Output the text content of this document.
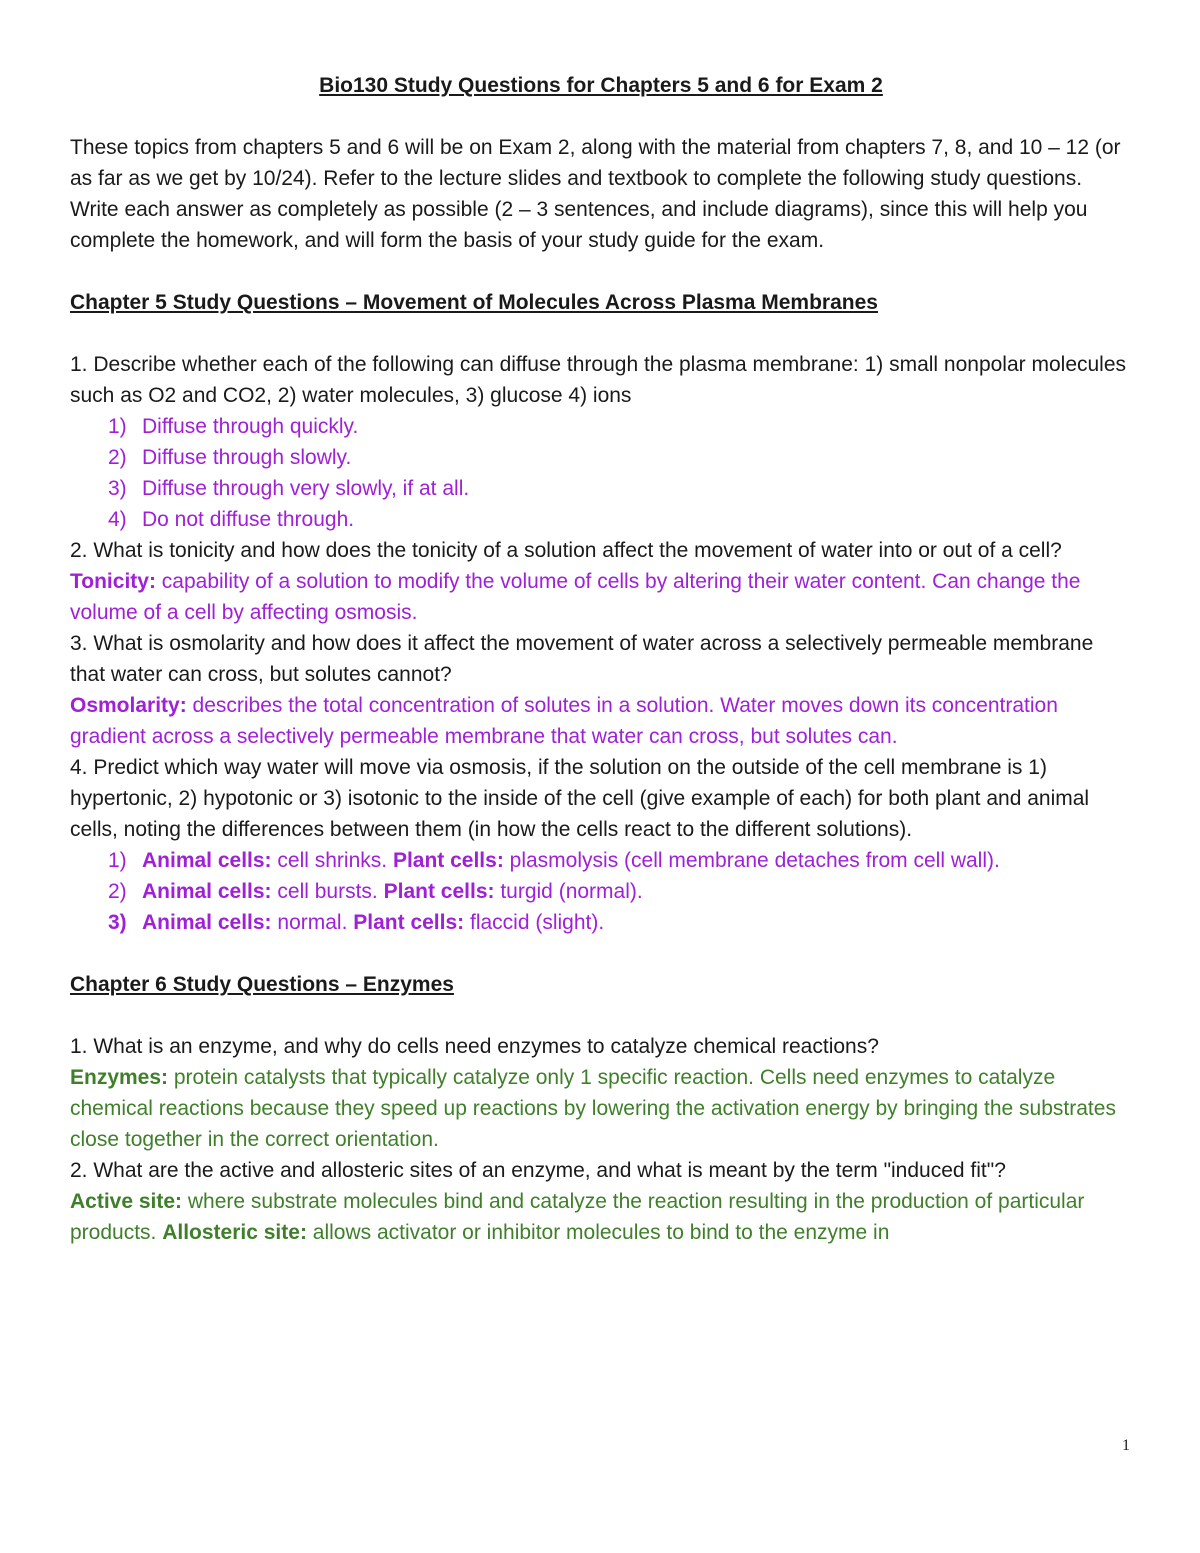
Bio130 Study Questions for Chapters 5 and 6 for Exam 2

These topics from chapters 5 and 6 will be on Exam 2, along with the material from chapters 7, 8, and 10 – 12 (or as far as we get by 10/24). Refer to the lecture slides and textbook to complete the following study questions. Write each answer as completely as possible (2 – 3 sentences, and include diagrams), since this will help you complete the homework, and will form the basis of your study guide for the exam.

Chapter 5 Study Questions – Movement of Molecules Across Plasma Membranes

1. Describe whether each of the following can diffuse through the plasma membrane: 1) small nonpolar molecules such as O2 and CO2, 2) water molecules, 3) glucose 4) ions

1) Diffuse through quickly.
2) Diffuse through slowly.
3) Diffuse through very slowly, if at all.
4) Do not diffuse through.

2. What is tonicity and how does the tonicity of a solution affect the movement of water into or out of a cell?

Tonicity: capability of a solution to modify the volume of cells by altering their water content. Can change the volume of a cell by affecting osmosis.

3. What is osmolarity and how does it affect the movement of water across a selectively permeable membrane that water can cross, but solutes cannot?

Osmolarity: describes the total concentration of solutes in a solution. Water moves down its concentration gradient across a selectively permeable membrane that water can cross, but solutes can.

4. Predict which way water will move via osmosis, if the solution on the outside of the cell membrane is 1) hypertonic, 2) hypotonic or 3) isotonic to the inside of the cell (give example of each) for both plant and animal cells, noting the differences between them (in how the cells react to the different solutions).

1) Animal cells: cell shrinks. Plant cells: plasmolysis (cell membrane detaches from cell wall).
2) Animal cells: cell bursts. Plant cells: turgid (normal).
3) Animal cells: normal. Plant cells: flaccid (slight).

Chapter 6 Study Questions – Enzymes

1. What is an enzyme, and why do cells need enzymes to catalyze chemical reactions?

Enzymes: protein catalysts that typically catalyze only 1 specific reaction. Cells need enzymes to catalyze chemical reactions because they speed up reactions by lowering the activation energy by bringing the substrates close together in the correct orientation.

2. What are the active and allosteric sites of an enzyme, and what is meant by the term "induced fit"?

Active site: where substrate molecules bind and catalyze the reaction resulting in the production of particular products. Allosteric site: allows activator or inhibitor molecules to bind to the enzyme in

1
